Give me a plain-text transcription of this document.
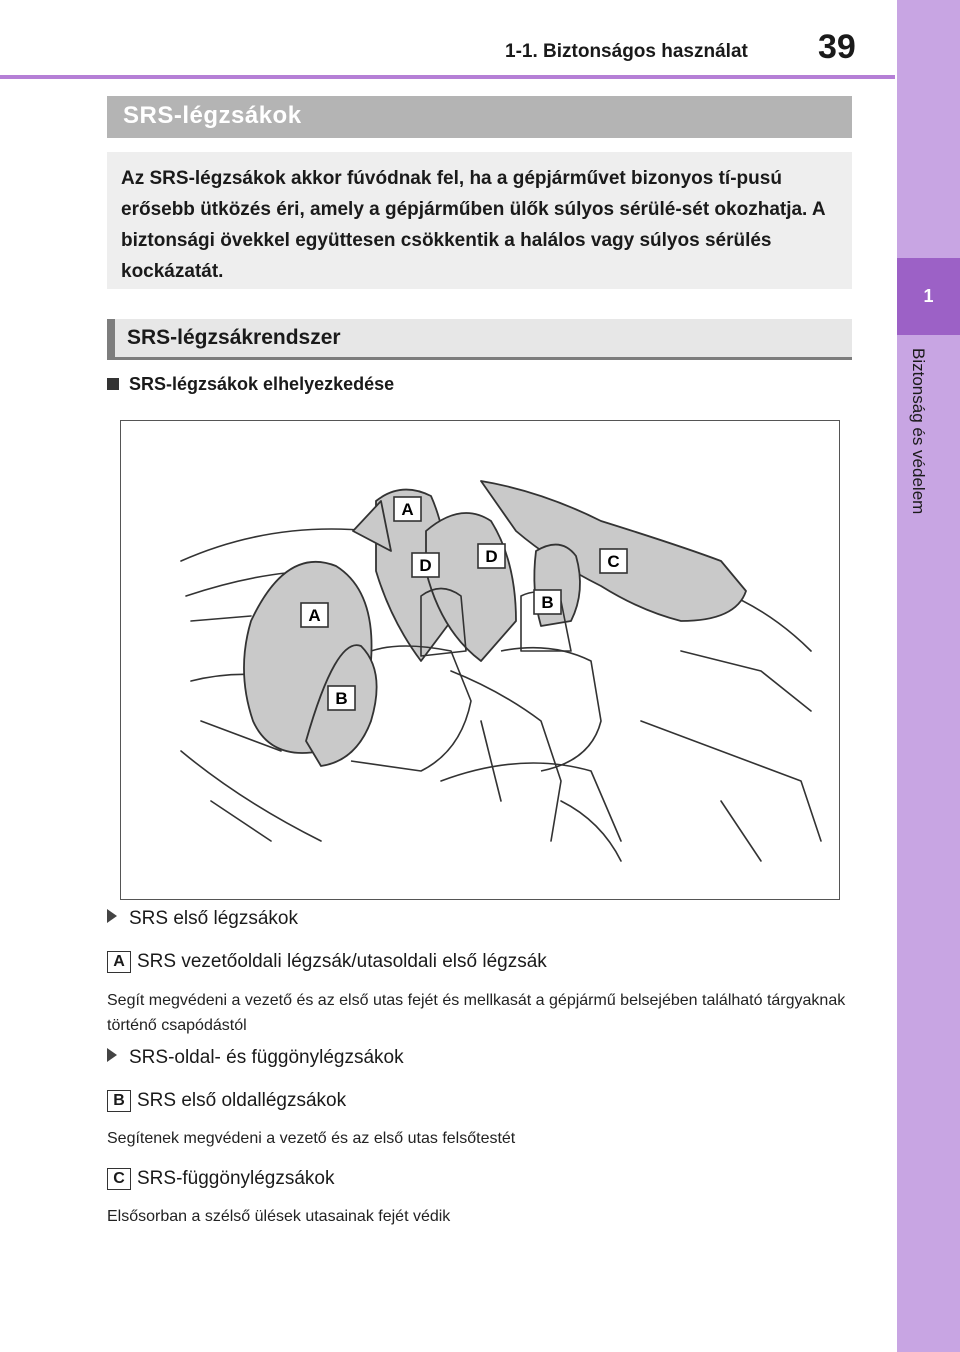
1-1. Biztonságos használat 39
1
Biztonság és védelem
SRS-légzsákok
Az SRS-légzsákok akkor fúvódnak fel, ha a gépjárművet bizonyos tí-pusú erősebb ütközés éri, amely a gépjárműben ülők súlyos sérülé-sét okozhatja. A biztonsági övekkel együttesen csökkentik a halálos vagy súlyos sérülés kockázatát.
SRS-légzsákrendszer
SRS-légzsákok elhelyezkedése
A
D	D	C
B
A
B
SRS első légzsákok
A SRS vezetőoldali légzsák/utasoldali első légzsák
Segít megvédeni a vezető és az első utas fejét és mellkasát a gépjármű belsejében található tárgyaknak történő csapódástól
SRS-oldal- és függönylégzsákok
B SRS első oldallégzsákok
Segítenek megvédeni a vezető és az első utas felsőtestét
C SRS-függönylégzsákok
Elsősorban a szélső ülések utasainak fejét védik
